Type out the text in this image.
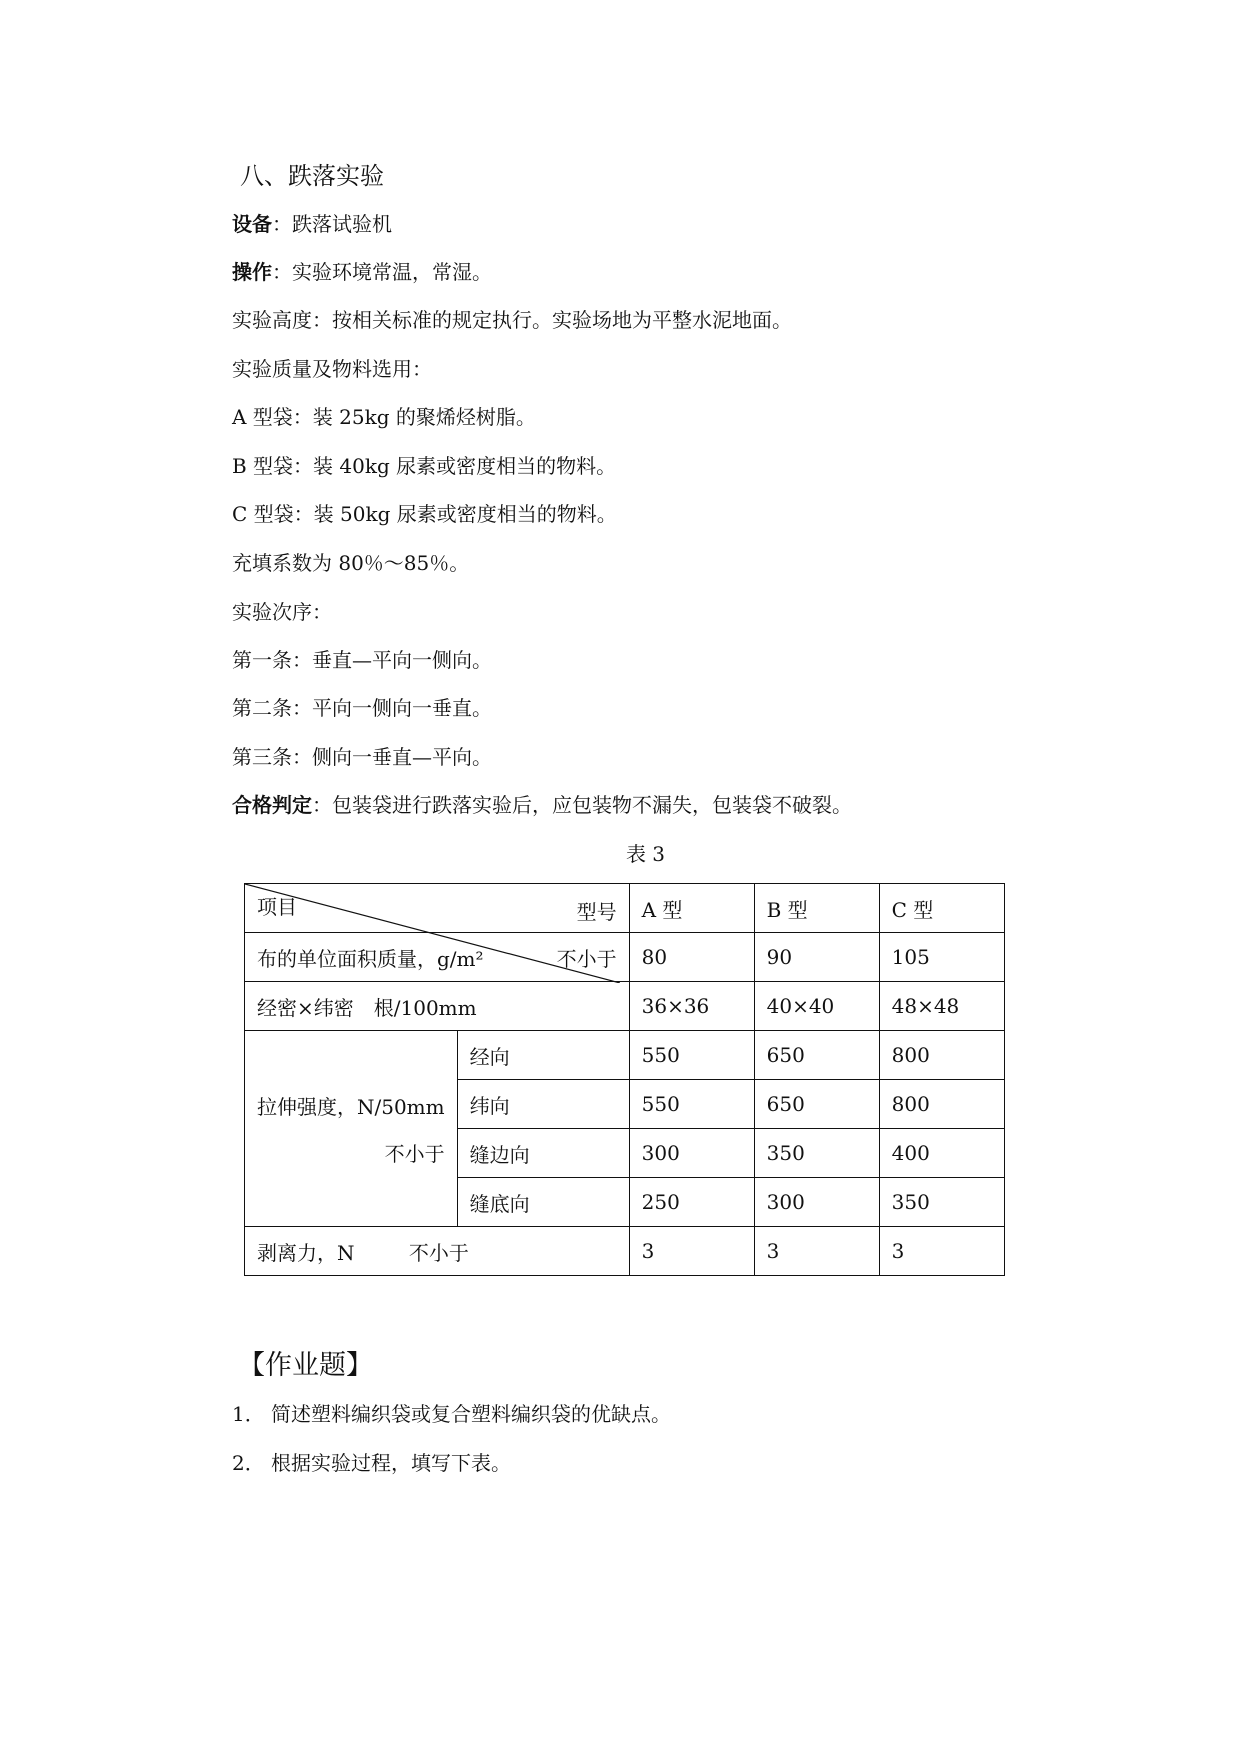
八、跌落实验
设备：跌落试验机
操作：实验环境常温，常湿。
实验高度：按相关标准的规定执行。实验场地为平整水泥地面。
实验质量及物料选用：
A 型袋：装 25kg 的聚烯烃树脂。
B 型袋：装 40kg 尿素或密度相当的物料。
C 型袋：装 50kg 尿素或密度相当的物料。
充填系数为 80％～85％。
实验次序：
第一条：垂直—平向一侧向。
第二条：平向一侧向一垂直。
第三条：侧向一垂直—平向。
合格判定：包装袋进行跌落实验后，应包装物不漏失，包装袋不破裂。
表 3
型号
项目		A 型	B 型	C 型

布的单位面积质量，g/m² 不小于		80	90	105
经密×纬密　根/100mm		36×36	40×40	48×48
拉伸强度，N/50mm
不小于	经向	550	650	800
	纬向	550	650	800
	缝边向	300	350	400
	缝底向	250	300	350
剥离力，N 不小于		3	3	3
【作业题】
1． 简述塑料编织袋或复合塑料编织袋的优缺点。
2． 根据实验过程，填写下表。
